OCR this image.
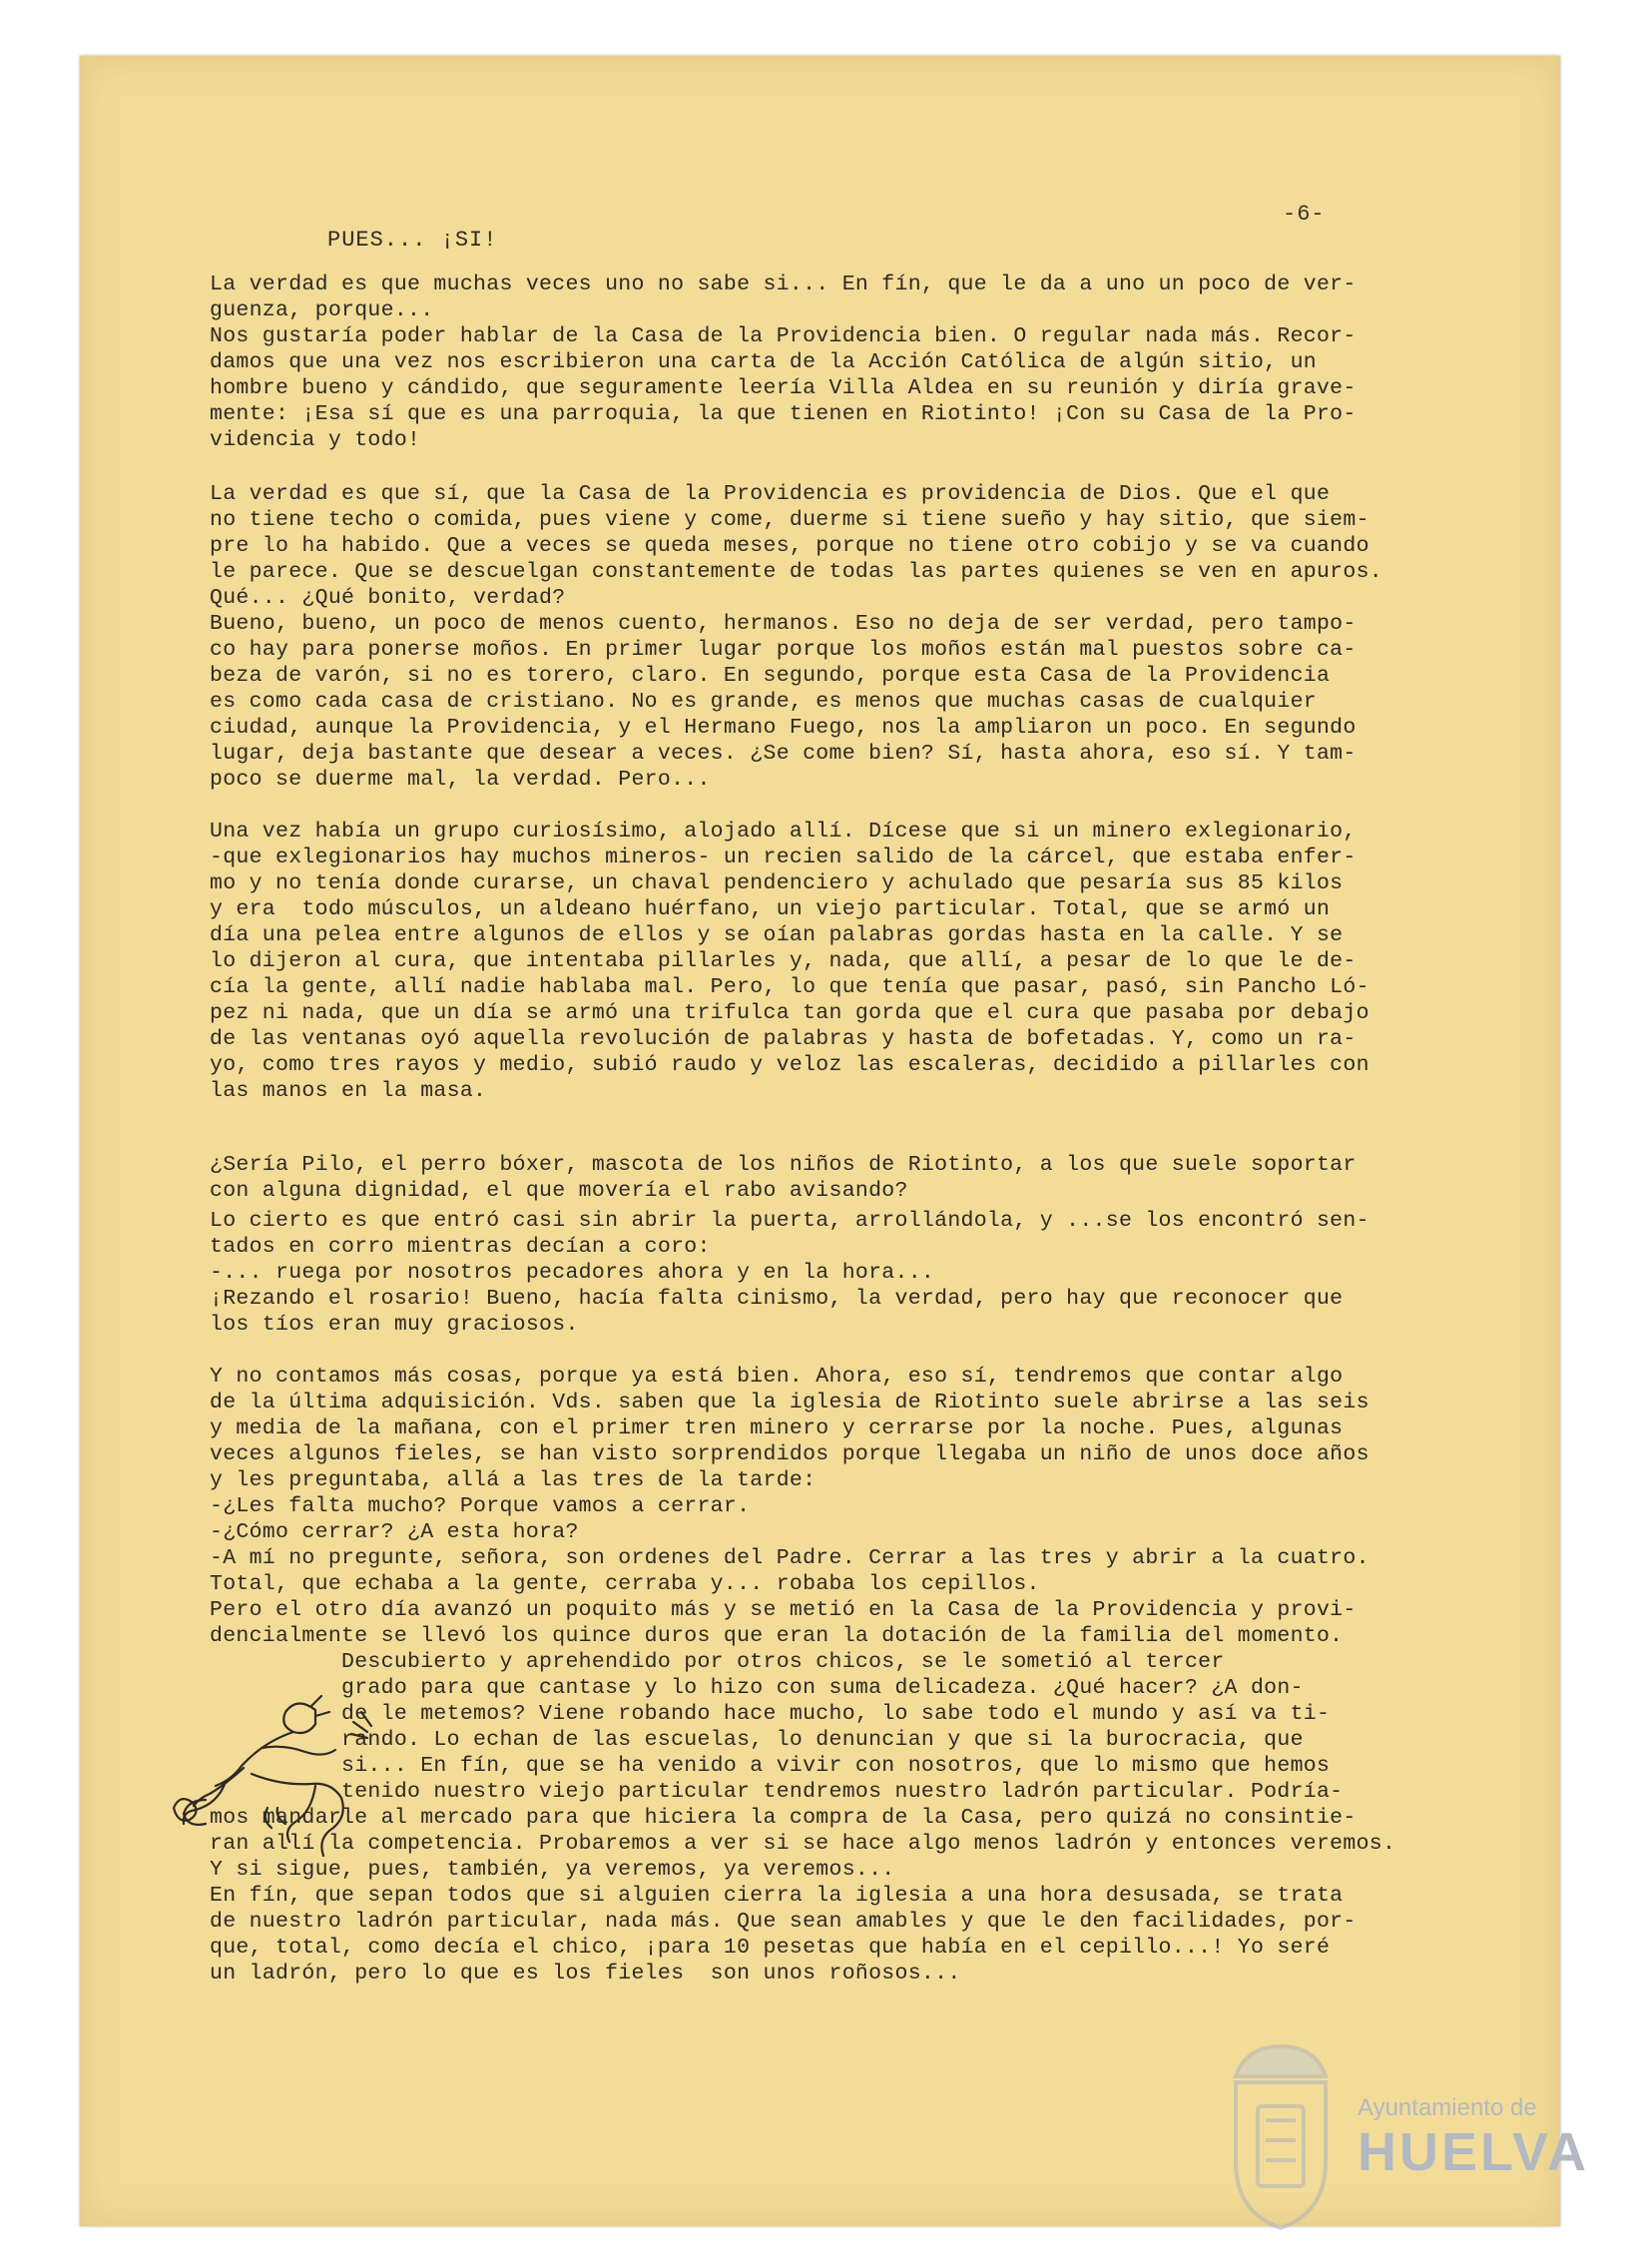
-6-
PUES... ¡SI!
La verdad es que muchas veces uno no sabe si... En fín, que le da a uno un poco de ver-
guenza, porque...
Nos gustaría poder hablar de la Casa de la Providencia bien. O regular nada más. Recor-
damos que una vez nos escribieron una carta de la Acción Católica de algún sitio, un
hombre bueno y cándido, que seguramente leería Villa Aldea en su reunión y diría grave-
mente: ¡Esa sí que es una parroquia, la que tienen en Riotinto! ¡Con su Casa de la Pro-
videncia y todo!
La verdad es que sí, que la Casa de la Providencia es providencia de Dios. Que el que
no tiene techo o comida, pues viene y come, duerme si tiene sueño y hay sitio, que siem-
pre lo ha habido. Que a veces se queda meses, porque no tiene otro cobijo y se va cuando
le parece. Que se descuelgan constantemente de todas las partes quienes se ven en apuros.
Qué... ¿Qué bonito, verdad?
Bueno, bueno, un poco de menos cuento, hermanos. Eso no deja de ser verdad, pero tampo-
co hay para ponerse moños. En primer lugar porque los moños están mal puestos sobre ca-
beza de varón, si no es torero, claro. En segundo, porque esta Casa de la Providencia
es como cada casa de cristiano. No es grande, es menos que muchas casas de cualquier
ciudad, aunque la Providencia, y el Hermano Fuego, nos la ampliaron un poco. En segundo
lugar, deja bastante que desear a veces. ¿Se come bien? Sí, hasta ahora, eso sí. Y tam-
poco se duerme mal, la verdad. Pero...
Una vez había un grupo curiosísimo, alojado allí. Dícese que si un minero exlegionario,
-que exlegionarios hay muchos mineros- un recien salido de la cárcel, que estaba enfer-
mo y no tenía donde curarse, un chaval pendenciero y achulado que pesaría sus 85 kilos
y era  todo músculos, un aldeano huérfano, un viejo particular. Total, que se armó un
día una pelea entre algunos de ellos y se oían palabras gordas hasta en la calle. Y se
lo dijeron al cura, que intentaba pillarles y, nada, que allí, a pesar de lo que le de-
cía la gente, allí nadie hablaba mal. Pero, lo que tenía que pasar, pasó, sin Pancho Ló-
pez ni nada, que un día se armó una trifulca tan gorda que el cura que pasaba por debajo
de las ventanas oyó aquella revolución de palabras y hasta de bofetadas. Y, como un ra-
yo, como tres rayos y medio, subió raudo y veloz las escaleras, decidido a pillarles con
las manos en la masa.
¿Sería Pilo, el perro bóxer, mascota de los niños de Riotinto, a los que suele soportar
con alguna dignidad, el que movería el rabo avisando?
Lo cierto es que entró casi sin abrir la puerta, arrollándola, y ...se los encontró sen-
tados en corro mientras decían a coro:
-... ruega por nosotros pecadores ahora y en la hora...
¡Rezando el rosario! Bueno, hacía falta cinismo, la verdad, pero hay que reconocer que
los tíos eran muy graciosos.
Y no contamos más cosas, porque ya está bien. Ahora, eso sí, tendremos que contar algo
de la última adquisición. Vds. saben que la iglesia de Riotinto suele abrirse a las seis
y media de la mañana, con el primer tren minero y cerrarse por la noche. Pues, algunas
veces algunos fieles, se han visto sorprendidos porque llegaba un niño de unos doce años
y les preguntaba, allá a las tres de la tarde:
-¿Les falta mucho? Porque vamos a cerrar.
-¿Cómo cerrar? ¿A esta hora?
-A mí no pregunte, señora, son ordenes del Padre. Cerrar a las tres y abrir a la cuatro.
Total, que echaba a la gente, cerraba y... robaba los cepillos.
Pero el otro día avanzó un poquito más y se metió en la Casa de la Providencia y provi-
dencialmente se llevó los quince duros que eran la dotación de la familia del momento.
Descubierto y aprehendido por otros chicos, se le sometió al tercer
grado para que cantase y lo hizo con suma delicadeza. ¿Qué hacer? ¿A don-
de le metemos? Viene robando hace mucho, lo sabe todo el mundo y así va ti-
rando. Lo echan de las escuelas, lo denuncian y que si la burocracia, que
si... En fín, que se ha venido a vivir con nosotros, que lo mismo que hemos
tenido nuestro viejo particular tendremos nuestro ladrón particular. Podría-
mos mandarle al mercado para que hiciera la compra de la Casa, pero quizá no consintie-
ran allí la competencia. Probaremos a ver si se hace algo menos ladrón y entonces veremos.
Y si sigue, pues, también, ya veremos, ya veremos...
En fín, que sepan todos que si alguien cierra la iglesia a una hora desusada, se trata
de nuestro ladrón particular, nada más. Que sean amables y que le den facilidades, por-
que, total, como decía el chico, ¡para 10 pesetas que había en el cepillo...! Yo seré
un ladrón, pero lo que es los fieles  son unos roñosos...
Ayuntamiento de
HUELVA
